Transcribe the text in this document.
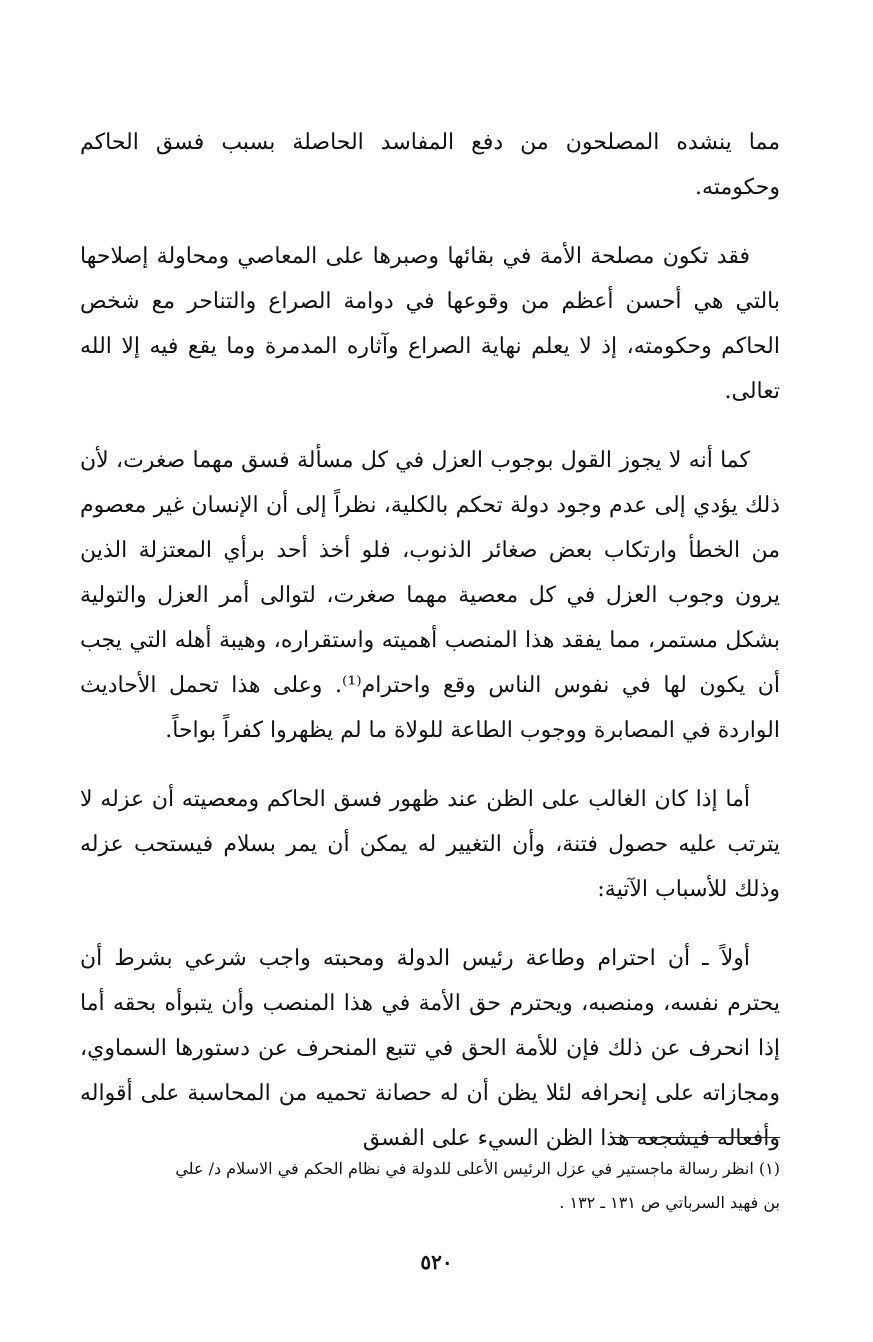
مما ينشده المصلحون من دفع المفاسد الحاصلة بسبب فسق الحاكم وحكومته.

فقد تكون مصلحة الأمة في بقائها وصبرها على المعاصي ومحاولة إصلاحها بالتي هي أحسن أعظم من وقوعها في دوامة الصراع والتناحر مع شخص الحاكم وحكومته، إذ لا يعلم نهاية الصراع وآثاره المدمرة وما يقع فيه إلا الله تعالى.

كما أنه لا يجوز القول بوجوب العزل في كل مسألة فسق مهما صغرت، لأن ذلك يؤدي إلى عدم وجود دولة تحكم بالكلية، نظراً إلى أن الإنسان غير معصوم من الخطأ وارتكاب بعض صغائر الذنوب، فلو أخذ أحد برأي المعتزلة الذين يرون وجوب العزل في كل معصية مهما صغرت، لتوالى أمر العزل والتولية بشكل مستمر، مما يفقد هذا المنصب أهميته واستقراره، وهيبة أهله التي يجب أن يكون لها في نفوس الناس وقع واحترام⁽¹⁾. وعلى هذا تحمل الأحاديث الواردة في المصابرة ووجوب الطاعة للولاة ما لم يظهروا كفراً بواحاً.

أما إذا كان الغالب على الظن عند ظهور فسق الحاكم ومعصيته أن عزله لا يترتب عليه حصول فتنة، وأن التغيير له يمكن أن يمر بسلام فيستحب عزله وذلك للأسباب الآتية:

أولاً ـ أن احترام وطاعة رئيس الدولة ومحبته واجب شرعي بشرط أن يحترم نفسه، ومنصبه، ويحترم حق الأمة في هذا المنصب وأن يتبوأه بحقه أما إذا انحرف عن ذلك فإن للأمة الحق في تتبع المنحرف عن دستورها السماوي، ومجازاته على إنحرافه لئلا يظن أن له حصانة تحميه من المحاسبة على أقواله وأفعاله فيشجعه هذا الظن السيء على الفسق

(١) انظر رسالة ماجستير في عزل الرئيس الأعلى للدولة في نظام الحكم في الاسلام د/ علي
بن فهيد السرباتي ص ١٣١ ـ ١٣٢ .
٥٢٠
